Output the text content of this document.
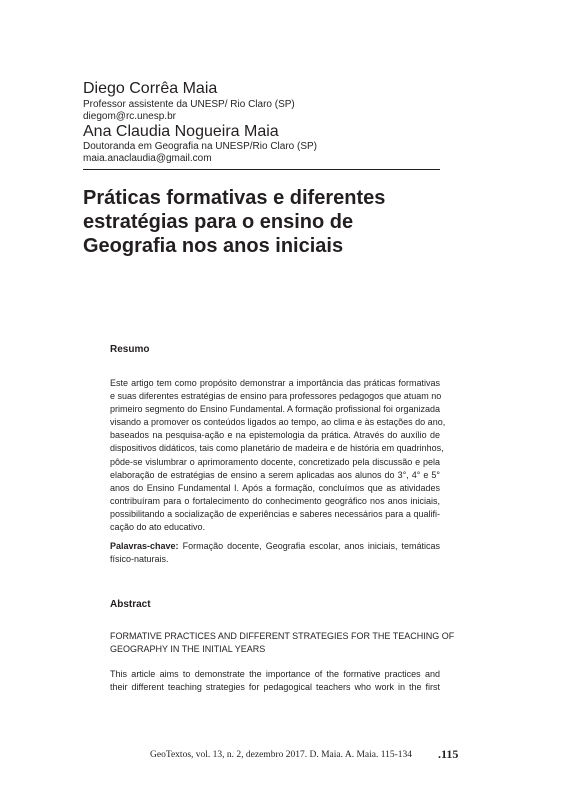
Diego Corrêa Maia
Professor assistente da UNESP/ Rio Claro (SP)
diegom@rc.unesp.br
Ana Claudia Nogueira Maia
Doutoranda em Geografia na UNESP/Rio Claro (SP)
maia.anaclaudia@gmail.com
Práticas formativas e diferentes
estratégias para o ensino de
Geografia nos anos iniciais
Resumo
Este artigo tem como propósito demonstrar a importância das práticas formativas
e suas diferentes estratégias de ensino para professores pedagogos que atuam no
primeiro segmento do Ensino Fundamental. A formação profissional foi organizada
visando a promover os conteúdos ligados ao tempo, ao clima e às estações do ano,
baseados na pesquisa-ação e na epistemologia da prática. Através do auxílio de
dispositivos didáticos, tais como planetário de madeira e de história em quadrinhos,
pôde-se vislumbrar o aprimoramento docente, concretizado pela discussão e pela
elaboração de estratégias de ensino a serem aplicadas aos alunos do 3°, 4° e 5°
anos do Ensino Fundamental I. Após a formação, concluímos que as atividades
contribuíram para o fortalecimento do conhecimento geográfico nos anos iniciais,
possibilitando a socialização de experiências e saberes necessários para a qualifi-
cação do ato educativo.
Palavras-chave: Formação docente, Geografia escolar, anos iniciais, temáticas
físico-naturais.
Abstract
FORMATIVE PRACTICES AND DIFFERENT STRATEGIES FOR THE TEACHING OF
GEOGRAPHY IN THE INITIAL YEARS
This article aims to demonstrate the importance of the formative practices and
their different teaching strategies for pedagogical teachers who work in the first
GeoTextos, vol. 13, n. 2, dezembro 2017. D. Maia. A. Maia. 115-134	.115
